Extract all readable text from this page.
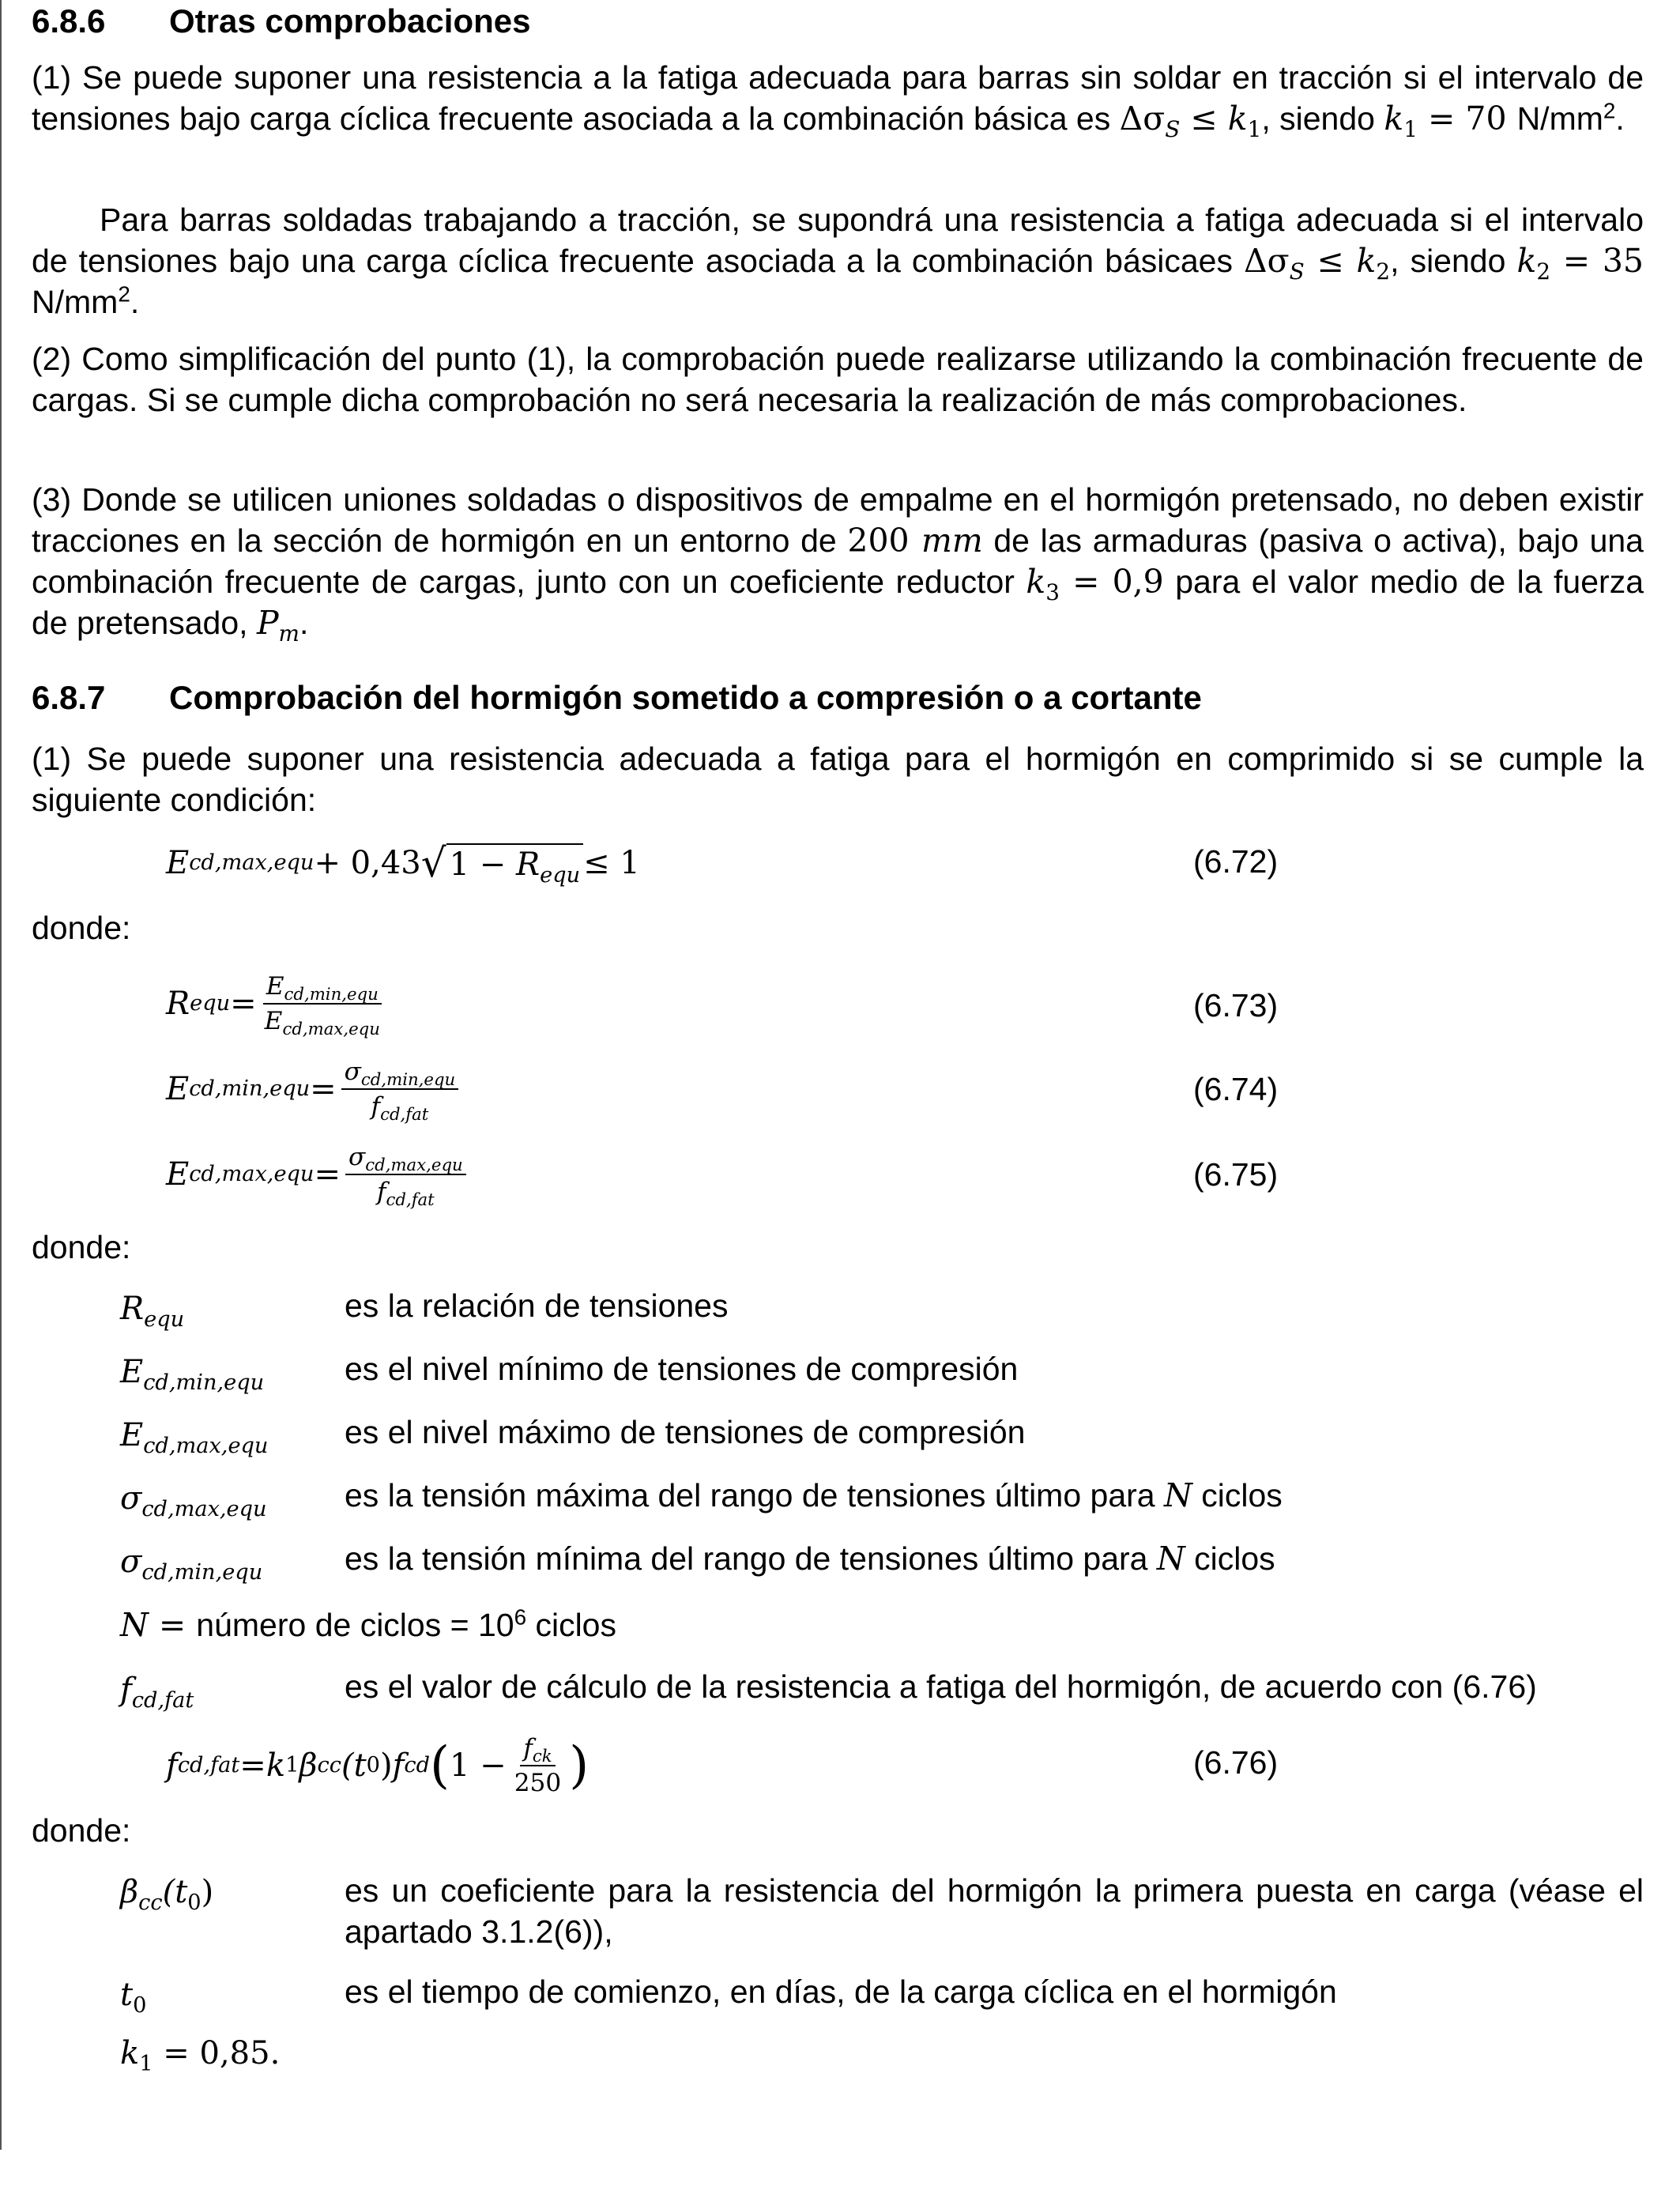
6.8.6 Otras comprobaciones
(1) Se puede suponer una resistencia a la fatiga adecuada para barras sin soldar en tracción si el intervalo de tensiones bajo carga cíclica frecuente asociada a la combinación básica es $\Delta\sigma_S \le k_1$, siendo $k_1 = 70$ $N/mm^2$.
Para barras soldadas trabajando a tracción, se supondrá una resistencia a fatiga adecuada si el intervalo de tensiones bajo una carga cíclica frecuente asociada a la combinación básicaes $\Delta\sigma_S \le k_2$, siendo $k_2 = 35$ $N/mm^2$.
(2) Como simplificación del punto (1), la comprobación puede realizarse utilizando la combinación frecuente de cargas. Si se cumple dicha comprobación no será necesaria la realización de más comprobaciones.
(3) Donde se utilicen uniones soldadas o dispositivos de empalme en el hormigón pretensado, no deben existir tracciones en la sección de hormigón en un entorno de 200 mm de las armaduras (pasiva o activa), bajo una combinación frecuente de cargas, junto con un coeficiente reductor $k_3 = 0,9$ para el valor medio de la fuerza de pretensado, $P_m$.
6.8.7 Comprobación del hormigón sometido a compresión o a cortante
(1) Se puede suponer una resistencia adecuada a fatiga para el hormigón en comprimido si se cumple la siguiente condición:
E cd,max,equ + 0,43 √ $1 - R_{equ} \le 1$	(6.72)
donde:
R equ = $\frac{E_{cd,min,equ}}{E_{cd,max,equ}}$	(6.73)
E $cd,\min,equ = \frac{\sigma_{cd,min,equ}}{f_{cd,fat}}$	(6.74)
E $cd,\max,equ = \frac{\sigma_{cd,max,equ}}{f_{cd,fat}}$	(6.75)
donde:
$R_{equ}$	es la relación de tensiones
$E_{cd,min,equ}$ es el nivel mínimo de tensiones de compresión
$E_{cd,max,equ}$ es el nivel máximo de tensiones de compresión
$\sigma_{cd,max,equ}$ es la tensión máxima del rango de tensiones último para N ciclos
$\sigma_{cd,min,equ}$	es la tensión mínima del rango de tensiones último para N ciclos
N = número de ciclos = $10^6$ ciclos
$f_{cd,fat}$	es el valor de cálculo de la resistencia a fatiga del hormigón, de acuerdo con (6.76)
f cd,fat = k 1 β cc (t 0 ) f cd ( $1 - \frac{f_{ck}}{250}$ )	(6.76)
donde:
$\beta_{cc}(t_0)$	es un coeficiente para la resistencia del hormigón la primera puesta en carga (véase el apartado 3.1.2(6)),
$t_0$	es el tiempo de comienzo, en días, de la carga cíclica en el hormigón
$k_1 = 0,85$.
